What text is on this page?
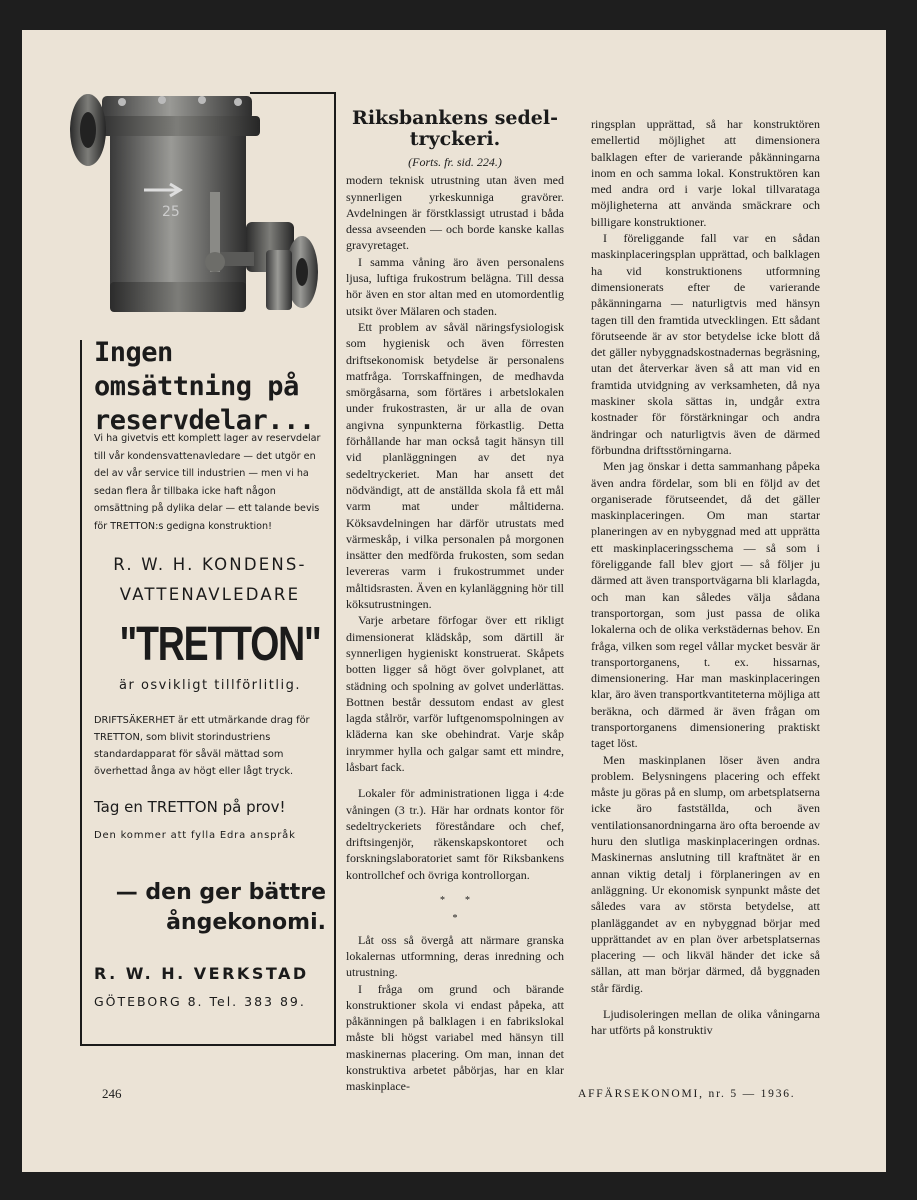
25
Ingen omsättning på reservdelar...
Vi ha givetvis ett komplett lager av reservdelar till vår kondensvattenavledare — det utgör en del av vår service till industrien — men vi ha sedan flera år tillbaka icke haft någon omsättning på dylika delar — ett talande bevis för TRETTON:s gedigna konstruktion!
R. W. H. KONDENS-VATTENAVLEDARE
"TRETTON"
är osvikligt tillförlitlig.
DRIFTSÄKERHET är ett utmärkande drag för TRETTON, som blivit storindustriens standardapparat för såväl mättad som överhettad ånga av högt eller lågt tryck.
Tag en TRETTON på prov!
Den kommer att fylla Edra anspråk
— den ger bättre ångekonomi.
R. W. H. VERKSTAD
GÖTEBORG 8. Tel. 383 89.
Riksbankens sedel-tryckeri.
(Forts. fr. sid. 224.)

modern teknisk utrustning utan även med synnerligen yrkeskunniga gravörer. Avdelningen är förstklassigt utrustad i båda dessa avseenden — och borde kanske kallas gravyretaget.

I samma våning äro även personalens ljusa, luftiga frukostrum belägna. Till dessa hör även en stor altan med en utomordentlig utsikt över Mälaren och staden.

Ett problem av såväl näringsfysiologisk som hygienisk och även förresten driftsekonomisk betydelse är personalens matfråga. Torrskaffningen, de medhavda smörgåsarna, som förtäres i arbetslokalen under frukostrasten, är ur alla de ovan angivna synpunkterna förkastlig. Detta förhållande har man också tagit hänsyn till vid planläggningen av det nya sedeltryckeriet. Man har ansett det nödvändigt, att de anställda skola få ett mål varm mat under måltiderna. Köksavdelningen har därför utrustats med värmeskåp, i vilka personalen på morgonen insätter den medförda frukosten, som sedan levereras varm i frukostrummet under måltidsrasten. Även en kylanläggning hör till köksutrustningen.

Varje arbetare förfogar över ett rikligt dimensionerat klädskåp, som därtill är synnerligen hygieniskt konstruerat. Skåpets botten ligger så högt över golvplanet, att städning och spolning av golvet underlättas. Bottnen består dessutom endast av glest lagda stålrör, varför luftgenomspolningen av kläderna kan ske obehindrat. Varje skåp inrymmer hylla och galgar samt ett mindre, låsbart fack.

Lokaler för administrationen ligga i 4:de våningen (3 tr.). Här har ordnats kontor för sedeltryckeriets föreståndare och chef, driftsingenjör, räkenskapskontoret och forskningslaboratoriet samt för Riksbankens kontrollchef och övriga kontrollorgan.

*        *
*

Låt oss så övergå att närmare granska lokalernas utformning, deras inredning och utrustning.

I fråga om grund och bärande konstruktioner skola vi endast påpeka, att påkänningen på balklagen i en fabrikslokal måste bli högst variabel med hänsyn till maskinernas placering. Om man, innan det konstruktiva arbetet påbörjas, har en klar maskinplace-

ringsplan upprättad, så har konstruktören emellertid möjlighet att dimensionera balklagen efter de varierande påkänningarna inom en och samma lokal. Konstruktören kan med andra ord i varje lokal tillvarataga möjligheterna att använda smäckrare och billigare konstruktioner.

I föreliggande fall var en sådan maskinplaceringsplan upprättad, och balklagen ha vid konstruktionens utformning dimensionerats efter de varierande påkänningarna — naturligtvis med hänsyn tagen till den framtida utvecklingen. Ett sådant förutseende är av stor betydelse icke blott då det gäller nybyggnadskostnadernas begräsning, utan det återverkar även så att man vid en framtida utvidgning av verksamheten, då nya maskiner skola sättas in, undgår extra kostnader för förstärkningar och andra ändringar och naturligtvis även de därmed förbundna driftsstörningarna.

Men jag önskar i detta sammanhang påpeka även andra fördelar, som bli en följd av det organiserade förutseendet, då det gäller maskinplaceringen. Om man startar planeringen av en nybyggnad med att upprätta ett maskinplaceringsschema — så som i föreliggande fall blev gjort — så följer ju därmed att även transportvägarna bli klarlagda, och man kan således välja sådana transportorgan, som just passa de olika lokalerna och de olika verkstädernas behov. En fråga, vilken som regel vållar mycket besvär är transportorganens, t. ex. hissarnas, dimensionering. Har man maskinplaceringen klar, äro även transportkvantiteterna möjliga att beräkna, och därmed är även frågan om transportorganens dimensionering praktiskt taget löst.

Men maskinplanen löser även andra problem. Belysningens placering och effekt måste ju göras på en slump, om arbetsplatserna icke äro fastställda, och även ventilationsanordningarna äro ofta beroende av huru den slutliga maskinplaceringen ordnas. Maskinernas anslutning till kraftnätet är en annan viktig detalj i förplaneringen av en anläggning. Ur ekonomisk synpunkt måste det således vara av största betydelse, att planläggandet av en nybyggnad börjar med upprättandet av en plan över arbetsplatsernas placering — och likväl händer det icke så sällan, att man börjar därmed, då byggnaden står färdig.

Ljudisoleringen mellan de olika våningarna har utförts på konstruktiv

246	AFFÄRSEKONOMI, nr. 5 — 1936.
